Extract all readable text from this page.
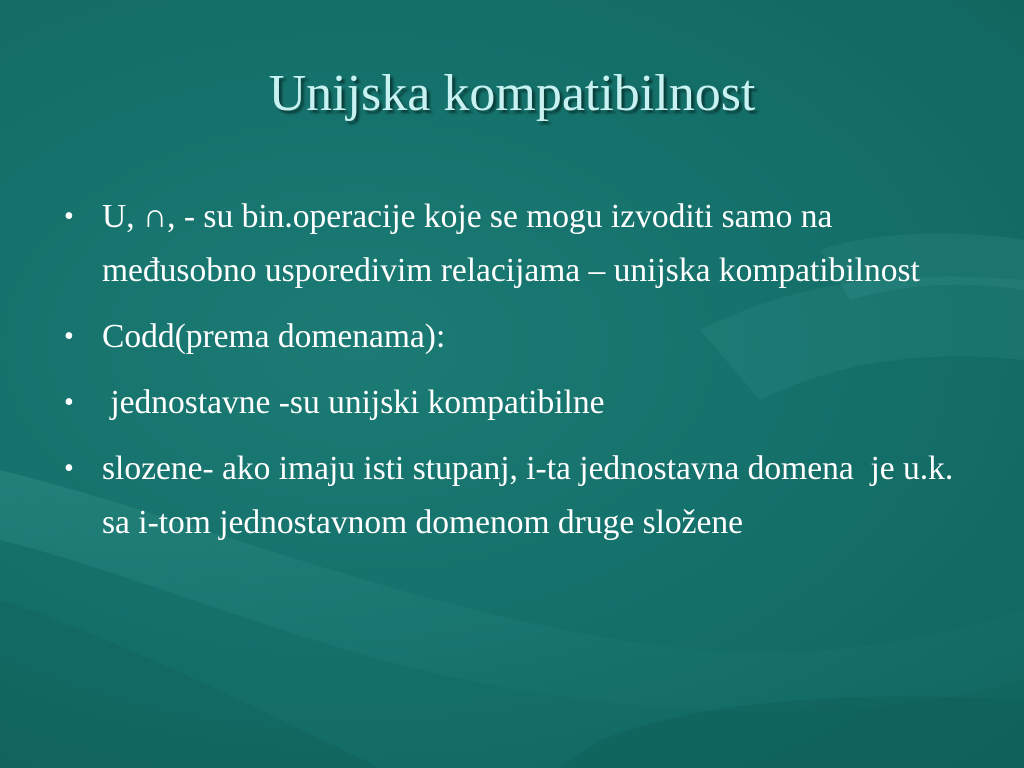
Unijska kompatibilnost
• U, ∩, - su bin.operacije koje se mogu izvoditi samo na međusobno usporedivim relacijama – unijska kompatibilnost
• Codd(prema domenama):
• jednostavne -su unijski kompatibilne
• slozene- ako imaju isti stupanj, i-ta jednostavna domena  je u.k. sa i-tom jednostavnom domenom druge složene
